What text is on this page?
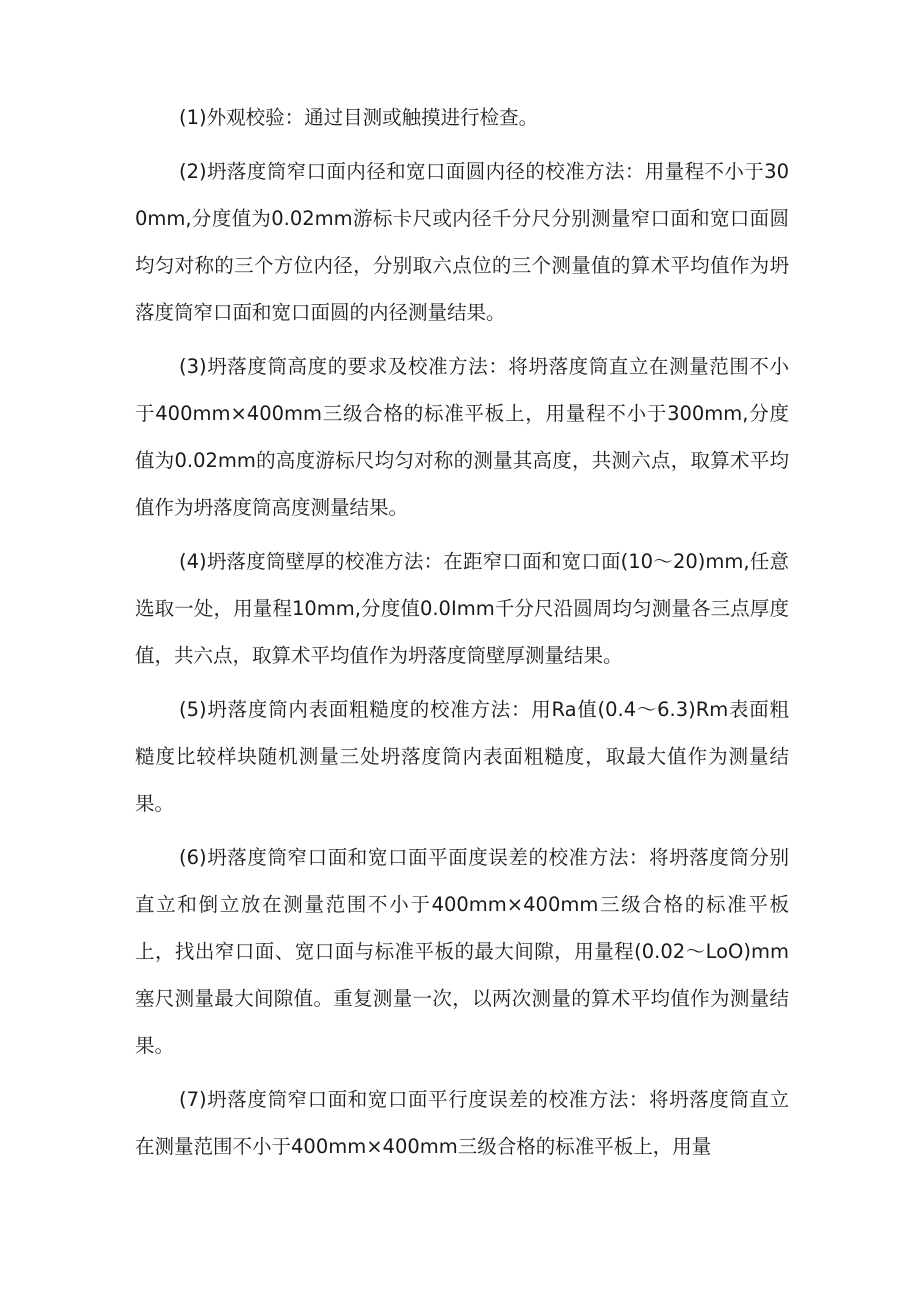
(1)外观校验：通过目测或触摸进行检查。

(2)坍落度筒窄口面内径和宽口面圆内径的校准方法：用量程不小于300mm,分度值为0.02mm游标卡尺或内径千分尺分别测量窄口面和宽口面圆均匀对称的三个方位内径，分别取六点位的三个测量值的算术平均值作为坍落度筒窄口面和宽口面圆的内径测量结果。

(3)坍落度筒高度的要求及校准方法：将坍落度筒直立在测量范围不小于400mm×400mm三级合格的标准平板上，用量程不小于300mm,分度值为0.02mm的高度游标尺均匀对称的测量其高度，共测六点，取算术平均值作为坍落度筒高度测量结果。

(4)坍落度筒壁厚的校准方法：在距窄口面和宽口面(10～20)mm,任意选取一处，用量程10mm,分度值0.0Imm千分尺沿圆周均匀测量各三点厚度值，共六点，取算术平均值作为坍落度筒壁厚测量结果。

(5)坍落度筒内表面粗糙度的校准方法：用Ra值(0.4～6.3)Rm表面粗糙度比较样块随机测量三处坍落度筒内表面粗糙度，取最大值作为测量结果。

(6)坍落度筒窄口面和宽口面平面度误差的校准方法：将坍落度筒分别直立和倒立放在测量范围不小于400mm×400mm三级合格的标准平板上，找出窄口面、宽口面与标准平板的最大间隙，用量程(0.02～LoO)mm塞尺测量最大间隙值。重复测量一次，以两次测量的算术平均值作为测量结果。

(7)坍落度筒窄口面和宽口面平行度误差的校准方法：将坍落度筒直立在测量范围不小于400mm×400mm三级合格的标准平板上，用量
